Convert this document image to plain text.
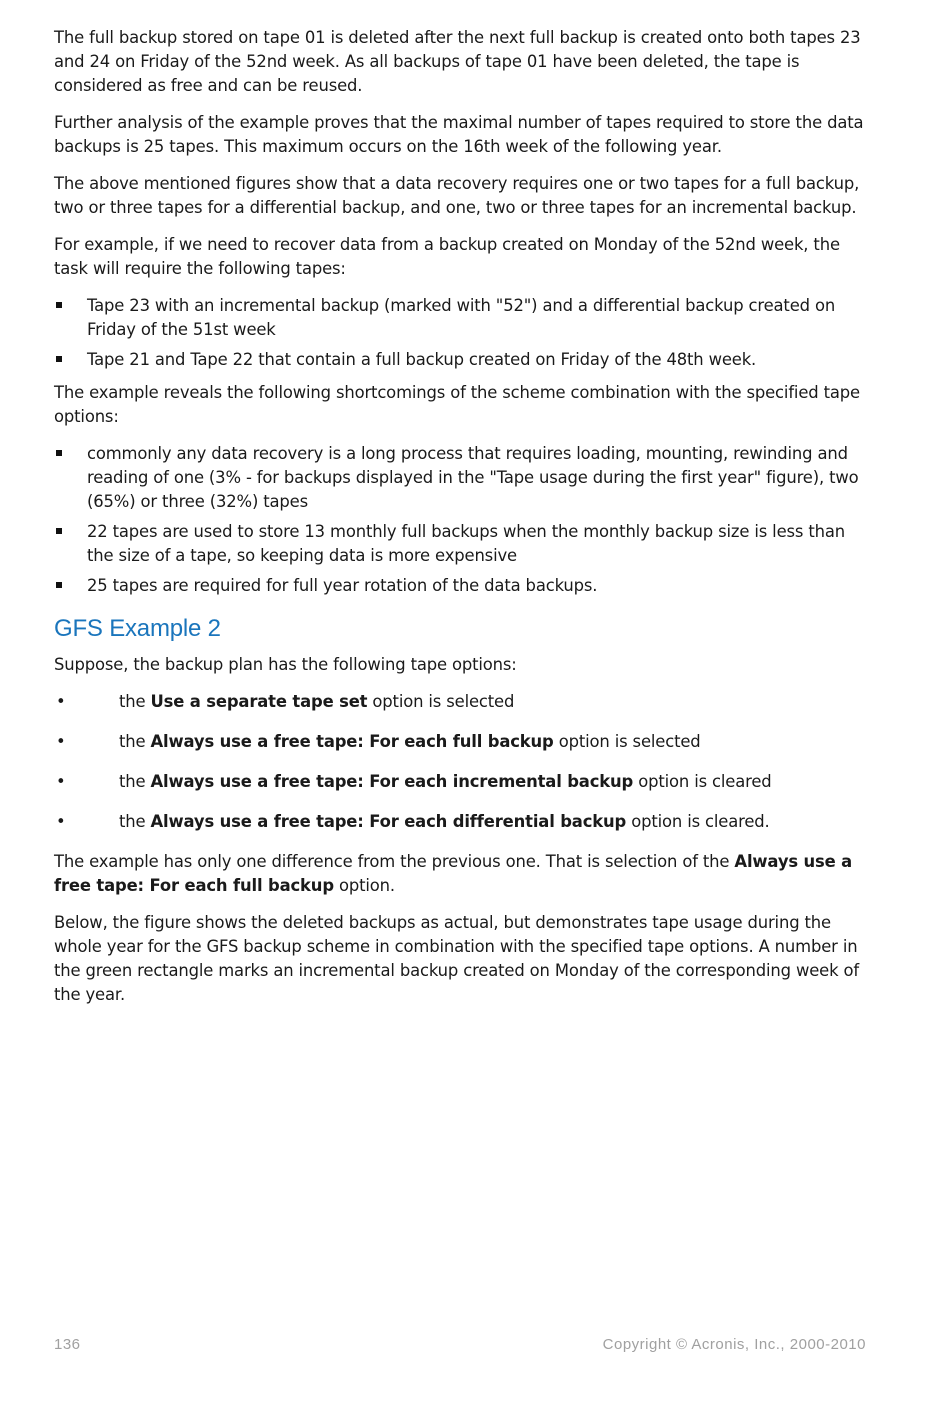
The full backup stored on tape 01 is deleted after the next full backup is created onto both tapes 23 and 24 on Friday of the 52nd week. As all backups of tape 01 have been deleted, the tape is considered as free and can be reused.

Further analysis of the example proves that the maximal number of tapes required to store the data backups is 25 tapes. This maximum occurs on the 16th week of the following year.

The above mentioned figures show that a data recovery requires one or two tapes for a full backup, two or three tapes for a differential backup, and one, two or three tapes for an incremental backup.

For example, if we need to recover data from a backup created on Monday of the 52nd week, the task will require the following tapes:

Tape 23 with an incremental backup (marked with "52") and a differential backup created on Friday of the 51st week
Tape 21 and Tape 22 that contain a full backup created on Friday of the 48th week.

The example reveals the following shortcomings of the scheme combination with the specified tape options:

commonly any data recovery is a long process that requires loading, mounting, rewinding and reading of one (3% - for backups displayed in the "Tape usage during the first year" figure), two (65%) or three (32%) tapes
22 tapes are used to store 13 monthly full backups when the monthly backup size is less than the size of a tape, so keeping data is more expensive
25 tapes are required for full year rotation of the data backups.
GFS Example 2

Suppose, the backup plan has the following tape options:

•	the Use a separate tape set option is selected
•	the Always use a free tape: For each full backup option is selected
•	the Always use a free tape: For each incremental backup option is cleared
•	the Always use a free tape: For each differential backup option is cleared.

The example has only one difference from the previous one. That is selection of the Always use a free tape: For each full backup option.

Below, the figure shows the deleted backups as actual, but demonstrates tape usage during the whole year for the GFS backup scheme in combination with the specified tape options. A number in the green rectangle marks an incremental backup created on Monday of the corresponding week of the year.

136	Copyright © Acronis, Inc., 2000-2010
